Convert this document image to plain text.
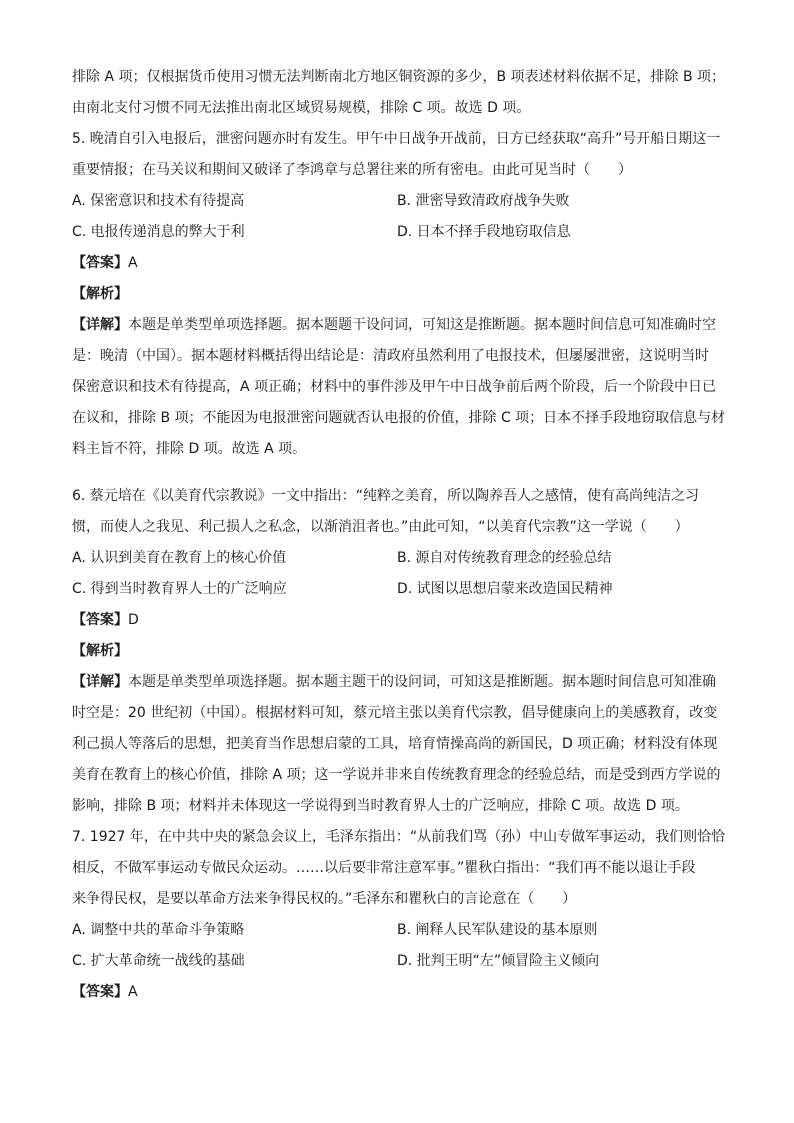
排除 A 项；仅根据货币使用习惯无法判断南北方地区铜资源的多少，B 项表述材料依据不足，排除 B 项；
由南北支付习惯不同无法推出南北区域贸易规模，排除 C 项。故选 D 项。
5. 晚清自引入电报后，泄密问题亦时有发生。甲午中日战争开战前，日方已经获取“高升”号开船日期这一
重要情报；在马关议和期间又破译了李鸿章与总署往来的所有密电。由此可见当时（　　）
A. 保密意识和技术有待提高	B. 泄密导致清政府战争失败
C. 电报传递消息的弊大于利	D. 日本不择手段地窃取信息
【答案】A
【解析】
【详解】本题是单类型单项选择题。据本题题干设问词，可知这是推断题。据本题时间信息可知准确时空
是：晚清（中国）。据本题材料概括得出结论是：清政府虽然利用了电报技术，但屡屡泄密，这说明当时
保密意识和技术有待提高，A 项正确；材料中的事件涉及甲午中日战争前后两个阶段，后一个阶段中日已
在议和，排除 B 项；不能因为电报泄密问题就否认电报的价值，排除 C 项；日本不择手段地窃取信息与材
料主旨不符，排除 D 项。故选 A 项。
6. 蔡元培在《以美育代宗教说》一文中指出：“纯粹之美育，所以陶养吾人之感情，使有高尚纯洁之习
惯，而使人之我见、利己损人之私念，以渐消沮者也。”由此可知，“以美育代宗教”这一学说（　　）
A. 认识到美育在教育上的核心价值	B. 源自对传统教育理念的经验总结
C. 得到当时教育界人士的广泛响应	D. 试图以思想启蒙来改造国民精神
【答案】D
【解析】
【详解】本题是单类型单项选择题。据本题主题干的设问词，可知这是推断题。据本题时间信息可知准确
时空是：20 世纪初（中国）。根据材料可知，蔡元培主张以美育代宗教，倡导健康向上的美感教育，改变
利己损人等落后的思想，把美育当作思想启蒙的工具，培育情操高尚的新国民，D 项正确；材料没有体现
美育在教育上的核心价值，排除 A 项；这一学说并非来自传统教育理念的经验总结，而是受到西方学说的
影响，排除 B 项；材料并未体现这一学说得到当时教育界人士的广泛响应，排除 C 项。故选 D 项。
7. 1927 年，在中共中央的紧急会议上，毛泽东指出：“从前我们骂（孙）中山专做军事运动，我们则恰恰
相反，不做军事运动专做民众运动。……以后要非常注意军事。”瞿秋白指出：“我们再不能以退让手段
来争得民权，是要以革命方法来争得民权的。”毛泽东和瞿秋白的言论意在（　　）
A. 调整中共的革命斗争策略	B. 阐释人民军队建设的基本原则
C. 扩大革命统一战线的基础	D. 批判王明“左”倾冒险主义倾向
【答案】A
